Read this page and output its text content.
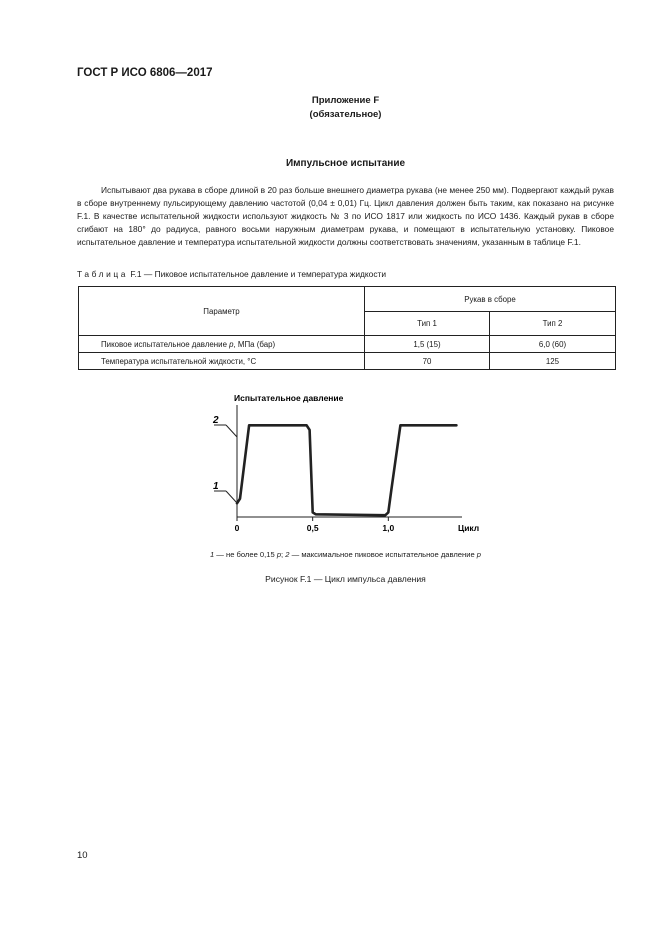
ГОСТ Р ИСО 6806—2017
Приложение F
(обязательное)
Импульсное испытание

Испытывают два рукава в сборе длиной в 20 раз больше внешнего диаметра рукава (не менее 250 мм). Подвергают каждый рукав в сборе внутреннему пульсирующему давлению частотой (0,04 ± 0,01) Гц. Цикл давления должен быть таким, как показано на рисунке F.1. В качестве испытательной жидкости используют жидкость № 3 по ИСО 1817 или жидкость по ИСО 1436. Каждый рукав в сборе сгибают на 180° до радиуса, равного восьми наружным диаметрам рукава, и помещают в испытательную установку. Пиковое испытательное давление и температура испытательной жидкости должны соответствовать значениям, указанным в таблице F.1.

Таблица F.1 — Пиковое испытательное давление и температура жидкости
Параметр	Рукав в сборе	
	Тип 1	Тип 2
Пиковое испытательное давление p, МПа (бар)	1,5 (15)	6,0 (60)
Температура испытательной жидкости, °С	70	125
Испытательное давление
0	0,5	1,0
2
1
Цикл
1 — не более 0,15 p; 2 — максимальное пиковое испытательное давление p
Рисунок F.1 — Цикл импульса давления
10
